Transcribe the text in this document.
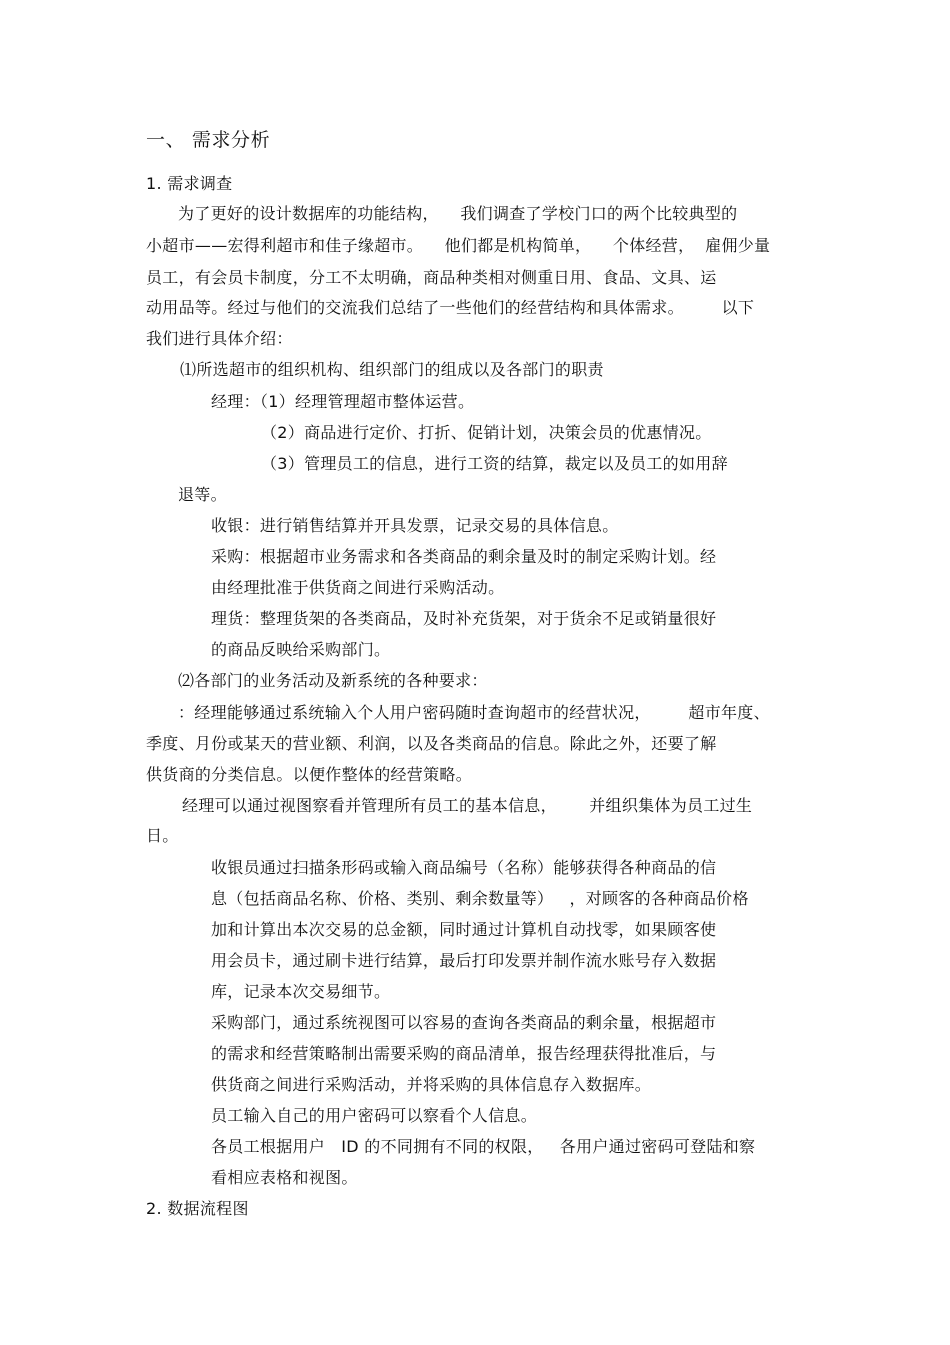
一、 需求分析
1. 需求调查
为了更好的设计数据库的功能结构，    我们调查了学校门口的两个比较典型的
小超市——宏得利超市和佳子缘超市。    他们都是机构简单，    个体经营，  雇佣少量
员工，有会员卡制度，分工不太明确，商品种类相对侧重日用、食品、文具、运
动用品等。经过与他们的交流我们总结了一些他们的经营结构和具体需求。       以下
我们进行具体介绍：
⑴所选超市的组织机构、组织部门的组成以及各部门的职责
经理：（1）经理管理超市整体运营。
（2）商品进行定价、打折、促销计划，决策会员的优惠情况。
（3）管理员工的信息，进行工资的结算，裁定以及员工的如用辞
退等。
收银：进行销售结算并开具发票，记录交易的具体信息。
采购：根据超市业务需求和各类商品的剩余量及时的制定采购计划。经
由经理批准于供货商之间进行采购活动。
理货：整理货架的各类商品，及时补充货架，对于货余不足或销量很好
的商品反映给采购部门。
⑵各部门的业务活动及新系统的各种要求：
：经理能够通过系统输入个人用户密码随时查询超市的经营状况，       超市年度、
季度、月份或某天的营业额、利润，以及各类商品的信息。除此之外，还要了解
供货商的分类信息。以便作整体的经营策略。
经理可以通过视图察看并管理所有员工的基本信息，      并组织集体为员工过生
日。
收银员通过扫描条形码或输入商品编号（名称）能够获得各种商品的信
息（包括商品名称、价格、类别、剩余数量等）   ，对顾客的各种商品价格
加和计算出本次交易的总金额，同时通过计算机自动找零，如果顾客使
用会员卡，通过刷卡进行结算，最后打印发票并制作流水账号存入数据
库，记录本次交易细节。
采购部门，通过系统视图可以容易的查询各类商品的剩余量，根据超市
的需求和经营策略制出需要采购的商品清单，报告经理获得批准后，与
供货商之间进行采购活动，并将采购的具体信息存入数据库。
员工输入自己的用户密码可以察看个人信息。
各员工根据用户   ID 的不同拥有不同的权限，   各用户通过密码可登陆和察
看相应表格和视图。
2. 数据流程图
